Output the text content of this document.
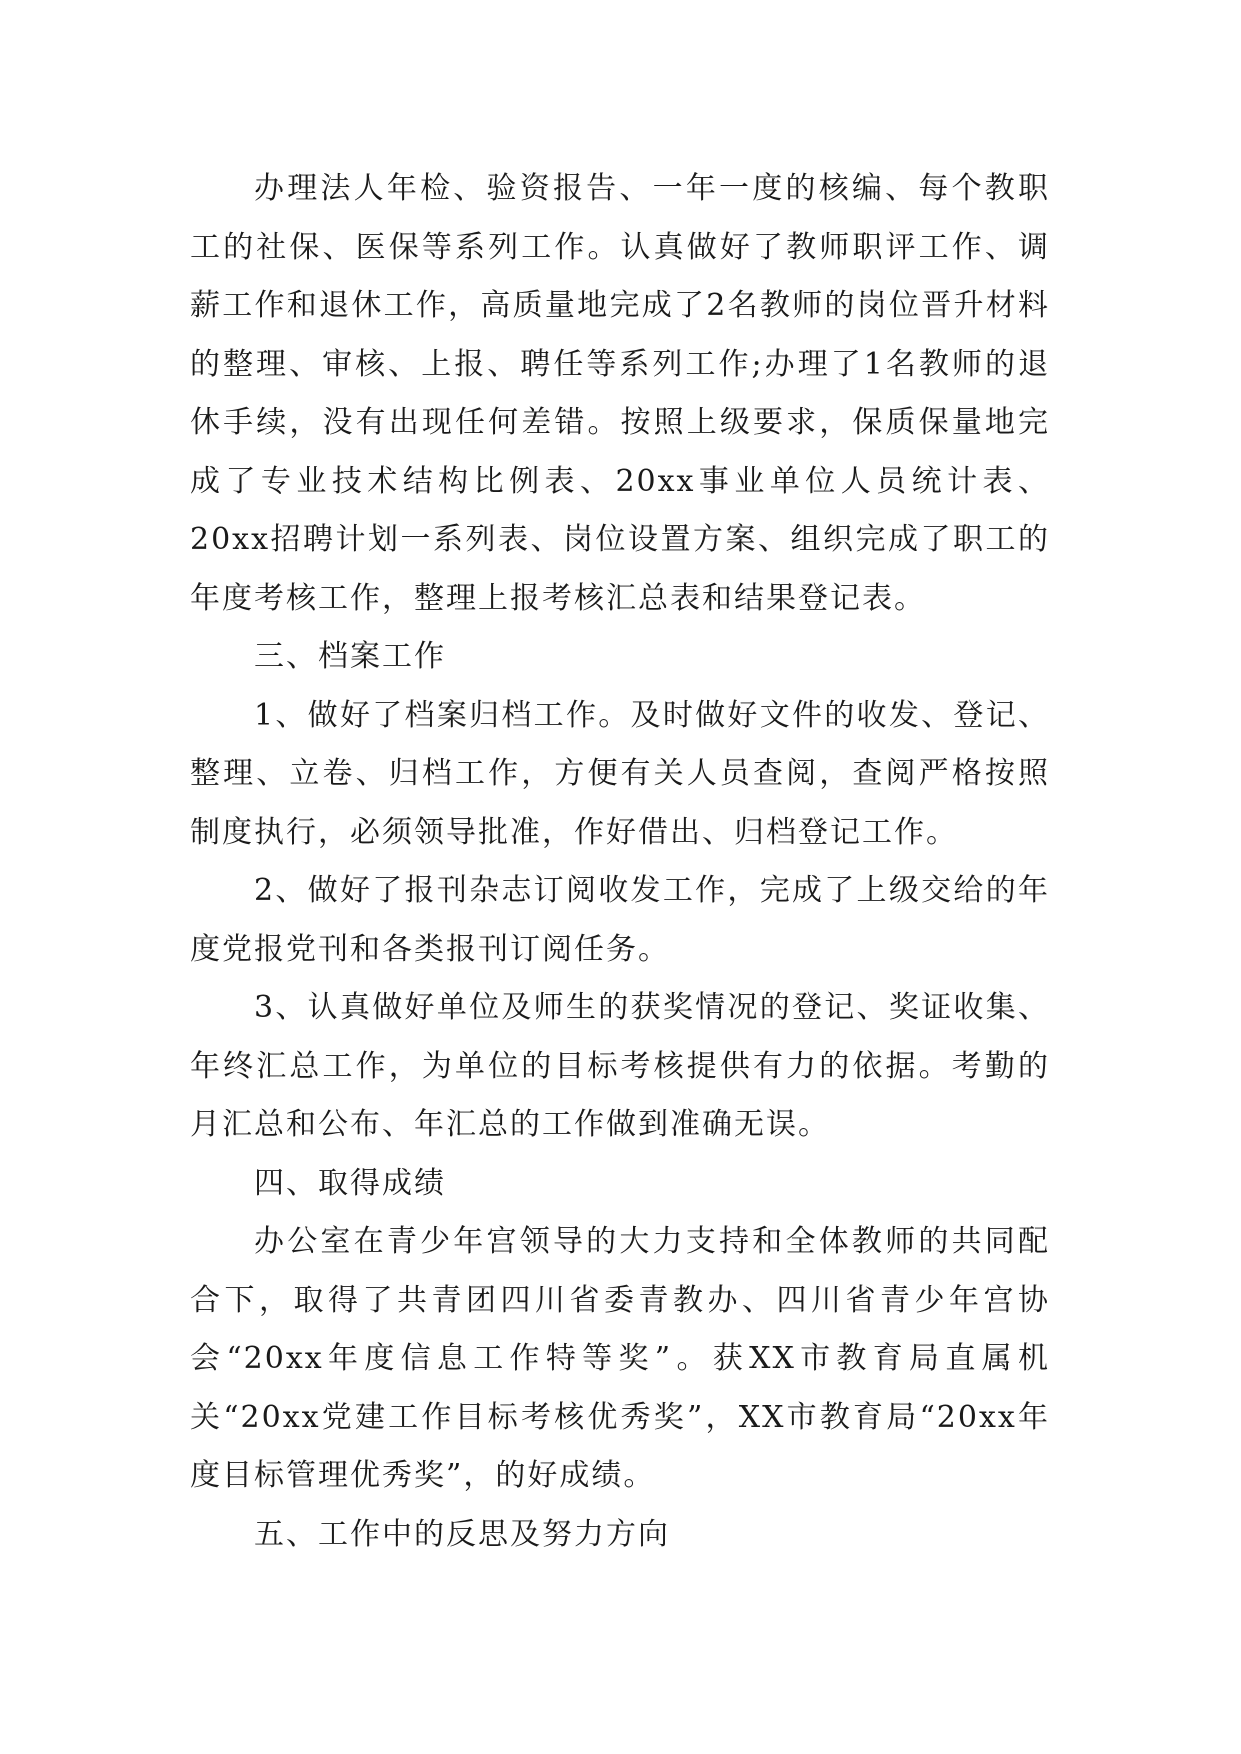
办理法人年检、验资报告、一年一度的核编、每个教职工的社保、医保等系列工作。认真做好了教师职评工作、调薪工作和退休工作，高质量地完成了2名教师的岗位晋升材料的整理、审核、上报、聘任等系列工作;办理了1名教师的退休手续，没有出现任何差错。按照上级要求，保质保量地完成了专业技术结构比例表、20xx事业单位人员统计表、20xx招聘计划一系列表、岗位设置方案、组织完成了职工的年度考核工作，整理上报考核汇总表和结果登记表。

三、档案工作

1、做好了档案归档工作。及时做好文件的收发、登记、整理、立卷、归档工作，方便有关人员查阅，查阅严格按照制度执行，必须领导批准，作好借出、归档登记工作。

2、做好了报刊杂志订阅收发工作，完成了上级交给的年度党报党刊和各类报刊订阅任务。

3、认真做好单位及师生的获奖情况的登记、奖证收集、年终汇总工作，为单位的目标考核提供有力的依据。考勤的月汇总和公布、年汇总的工作做到准确无误。

四、取得成绩

办公室在青少年宫领导的大力支持和全体教师的共同配合下，取得了共青团四川省委青教办、四川省青少年宫协会“20xx年度信息工作特等奖”。获XX市教育局直属机关“20xx党建工作目标考核优秀奖”，XX市教育局“20xx年度目标管理优秀奖”，的好成绩。

五、工作中的反思及努力方向
